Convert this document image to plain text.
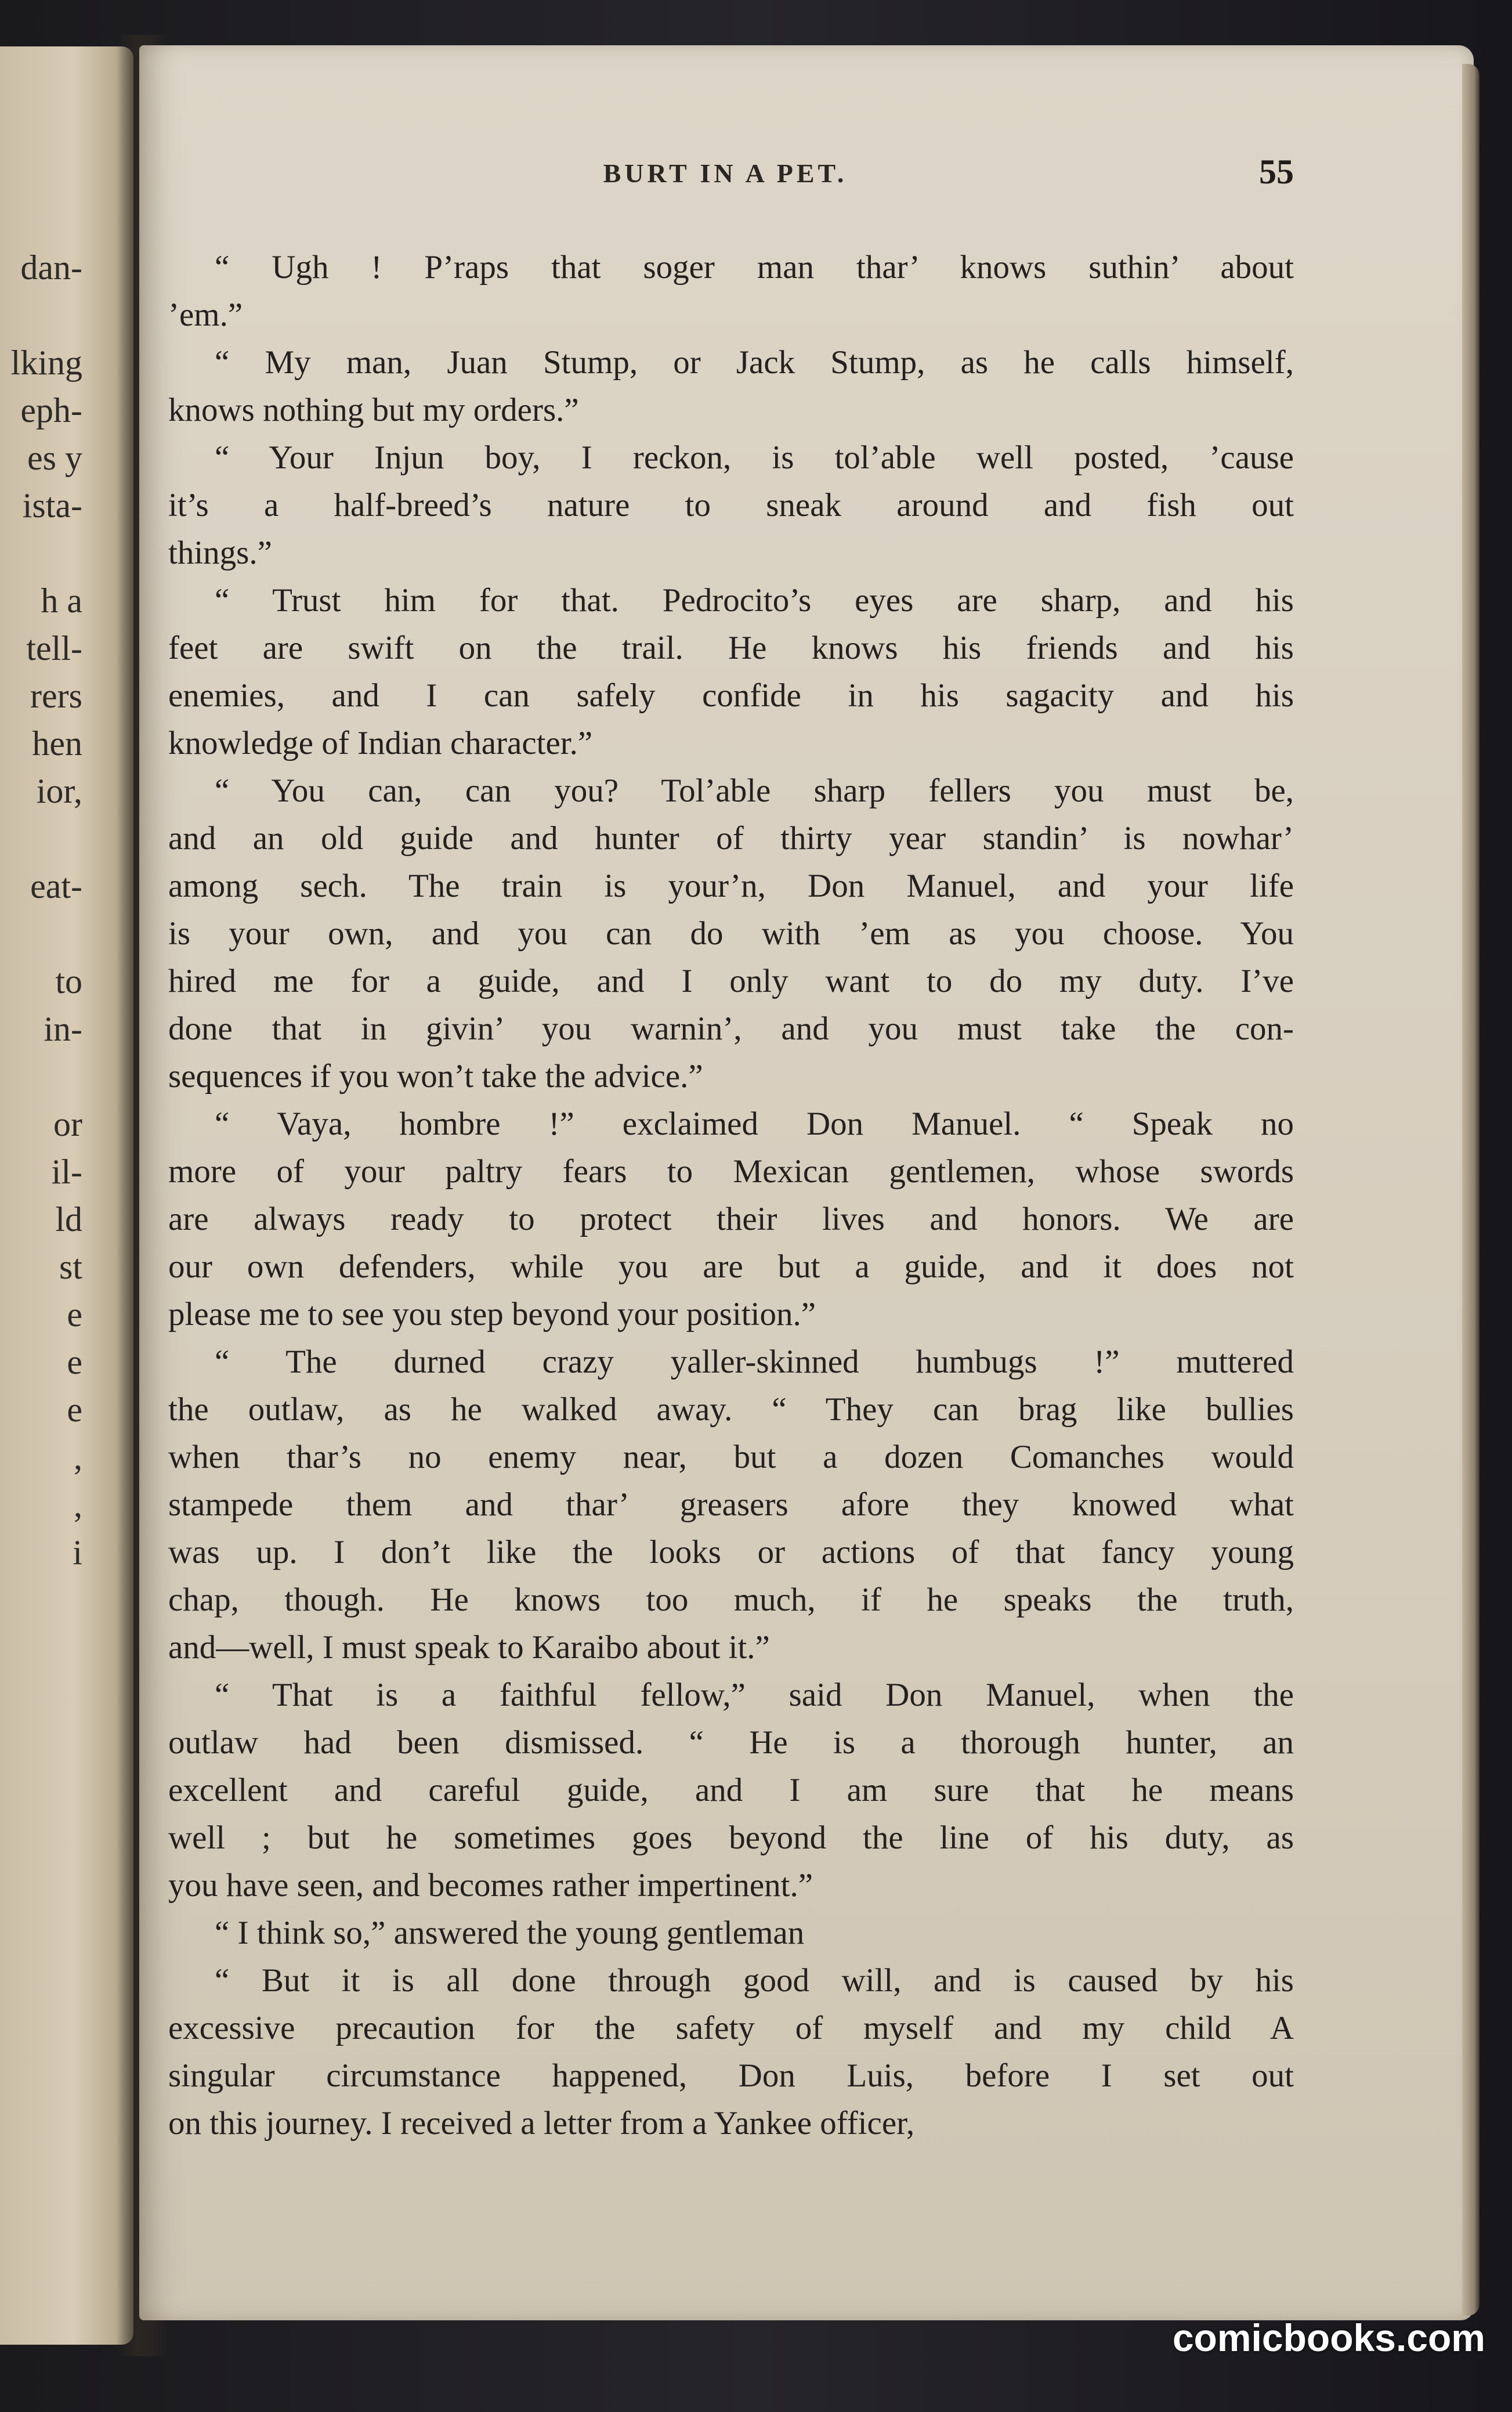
dan-
lking
eph-
es y
ista-
h a
tell-
rers
hen
ior,
eat-
to
in-
or
il-
ld
st
e
e
e
,
,
i
BURT IN A PET.	55
“ Ugh ! P’raps that soger man thar’ knows suthin’ about
’em.”
“ My man, Juan Stump, or Jack Stump, as he calls himself,
knows nothing but my orders.”
“ Your Injun boy, I reckon, is tol’able well posted, ’cause
it’s a half-breed’s nature to sneak around and fish out
things.”
“ Trust him for that. Pedrocito’s eyes are sharp, and his
feet are swift on the trail. He knows his friends and his
enemies, and I can safely confide in his sagacity and his
knowledge of Indian character.”
“ You can, can you? Tol’able sharp fellers you must be,
and an old guide and hunter of thirty year standin’ is nowhar’
among sech. The train is your’n, Don Manuel, and your life
is your own, and you can do with ’em as you choose. You
hired me for a guide, and I only want to do my duty. I’ve
done that in givin’ you warnin’, and you must take the con-
sequences if you won’t take the advice.”
“ Vaya, hombre !” exclaimed Don Manuel. “ Speak no
more of your paltry fears to Mexican gentlemen, whose swords
are always ready to protect their lives and honors. We are
our own defenders, while you are but a guide, and it does not
please me to see you step beyond your position.”
“ The durned crazy yaller-skinned humbugs !” muttered
the outlaw, as he walked away. “ They can brag like bullies
when thar’s no enemy near, but a dozen Comanches would
stampede them and thar’ greasers afore they knowed what
was up. I don’t like the looks or actions of that fancy young
chap, though. He knows too much, if he speaks the truth,
and—well, I must speak to Karaibo about it.”
“ That is a faithful fellow,” said Don Manuel, when the
outlaw had been dismissed. “ He is a thorough hunter, an
excellent and careful guide, and I am sure that he means
well ; but he sometimes goes beyond the line of his duty, as
you have seen, and becomes rather impertinent.”
“ I think so,” answered the young gentleman
“ But it is all done through good will, and is caused by his
excessive precaution for the safety of myself and my child A
singular circumstance happened, Don Luis, before I set out
on this journey. I received a letter from a Yankee officer,
comicbooks.com
